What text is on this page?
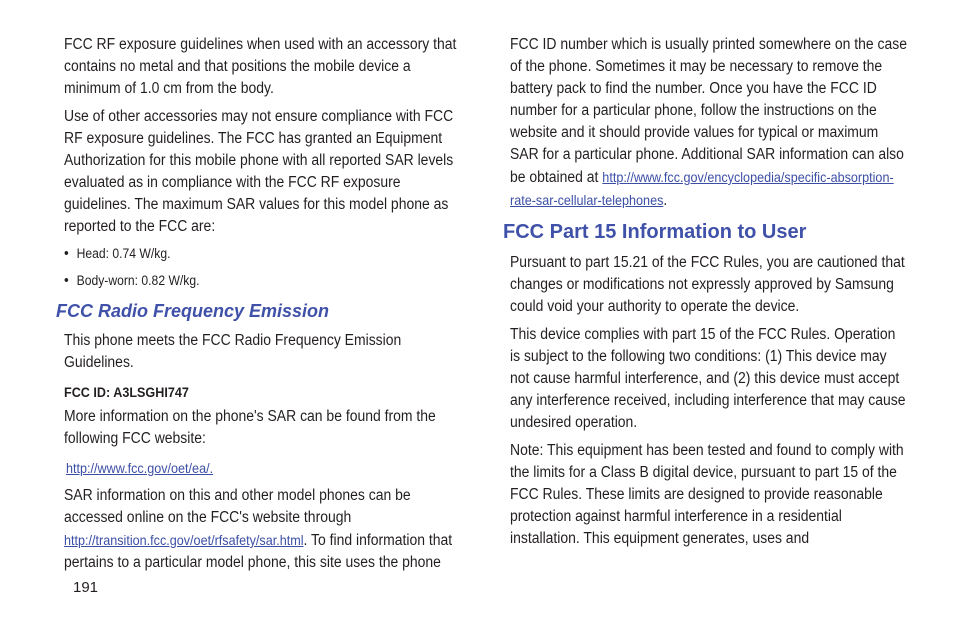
FCC RF exposure guidelines when used with an accessory that contains no metal and that positions the mobile device a minimum of 1.0 cm from the body.

Use of other accessories may not ensure compliance with FCC RF exposure guidelines. The FCC has granted an Equipment Authorization for this mobile phone with all reported SAR levels evaluated as in compliance with the FCC RF exposure guidelines. The maximum SAR values for this model phone as reported to the FCC are:

• Head: 0.74 W/kg.

• Body-worn: 0.82 W/kg.

FCC Radio Frequency Emission

This phone meets the FCC Radio Frequency Emission Guidelines.

FCC ID: A3LSGHI747

More information on the phone's SAR can be found from the following FCC website:

http://www.fcc.gov/oet/ea/.

SAR information on this and other model phones can be accessed online on the FCC's website through http://transition.fcc.gov/oet/rfsafety/sar.html. To find information that pertains to a particular model phone, this site uses the phone

FCC ID number which is usually printed somewhere on the case of the phone. Sometimes it may be necessary to remove the battery pack to find the number. Once you have the FCC ID number for a particular phone, follow the instructions on the website and it should provide values for typical or maximum SAR for a particular phone. Additional SAR information can also be obtained at http://www.fcc.gov/encyclopedia/specific-absorption-rate-sar-cellular-telephones.

FCC Part 15 Information to User

Pursuant to part 15.21 of the FCC Rules, you are cautioned that changes or modifications not expressly approved by Samsung could void your authority to operate the device.

This device complies with part 15 of the FCC Rules. Operation is subject to the following two conditions: (1) This device may not cause harmful interference, and (2) this device must accept any interference received, including interference that may cause undesired operation.

Note: This equipment has been tested and found to comply with the limits for a Class B digital device, pursuant to part 15 of the FCC Rules. These limits are designed to provide reasonable protection against harmful interference in a residential installation. This equipment generates, uses and

191
